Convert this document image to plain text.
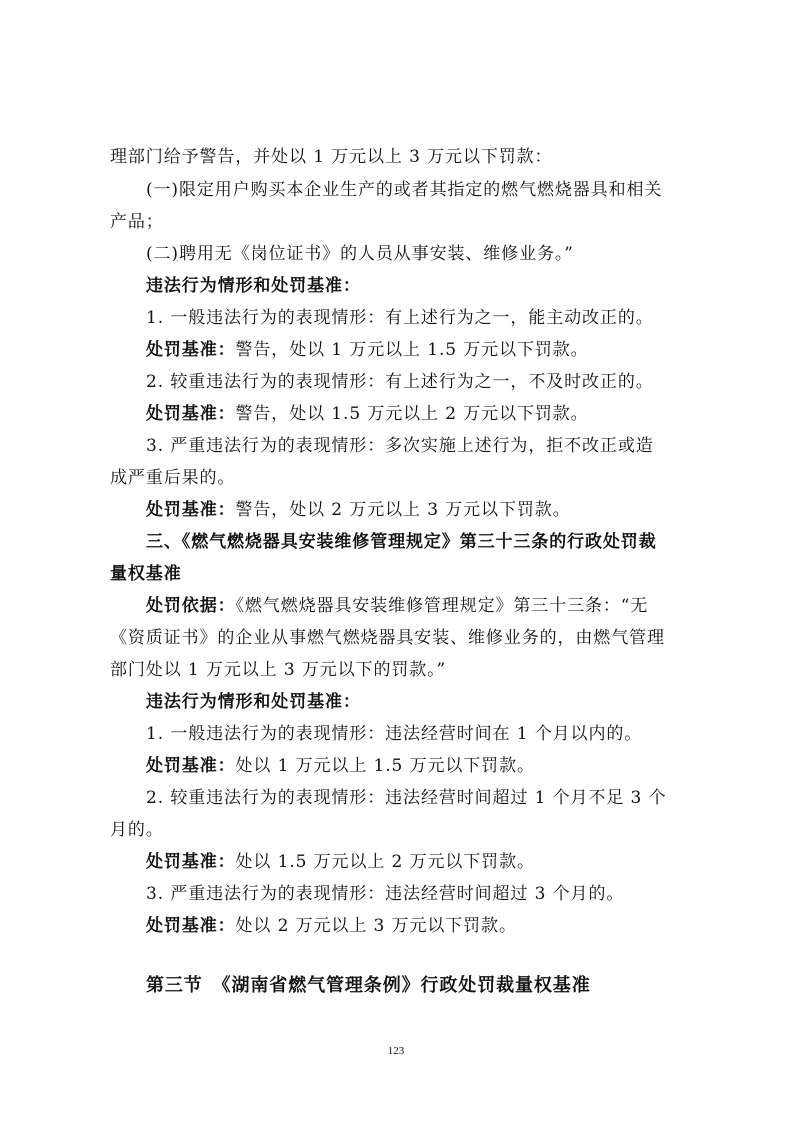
理部门给予警告，并处以 1 万元以上 3 万元以下罚款：
(一)限定用户购买本企业生产的或者其指定的燃气燃烧器具和相关
产品；
(二)聘用无《岗位证书》的人员从事安装、维修业务。”
违法行为情形和处罚基准：
1. 一般违法行为的表现情形：有上述行为之一，能主动改正的。
处罚基准：警告，处以 1 万元以上 1.5 万元以下罚款。
2. 较重违法行为的表现情形：有上述行为之一，不及时改正的。
处罚基准：警告，处以 1.5 万元以上 2 万元以下罚款。
3. 严重违法行为的表现情形：多次实施上述行为，拒不改正或造
成严重后果的。
处罚基准：警告，处以 2 万元以上 3 万元以下罚款。
三、《燃气燃烧器具安装维修管理规定》第三十三条的行政处罚裁
量权基准
处罚依据：《燃气燃烧器具安装维修管理规定》第三十三条：“无
《资质证书》的企业从事燃气燃烧器具安装、维修业务的，由燃气管理
部门处以 1 万元以上 3 万元以下的罚款。”
违法行为情形和处罚基准：
1. 一般违法行为的表现情形：违法经营时间在 1 个月以内的。
处罚基准：处以 1 万元以上 1.5 万元以下罚款。
2. 较重违法行为的表现情形：违法经营时间超过 1 个月不足 3 个
月的。
处罚基准：处以 1.5 万元以上 2 万元以下罚款。
3. 严重违法行为的表现情形：违法经营时间超过 3 个月的。
处罚基准：处以 2 万元以上 3 万元以下罚款。
第三节　《湖南省燃气管理条例》行政处罚裁量权基准
123
